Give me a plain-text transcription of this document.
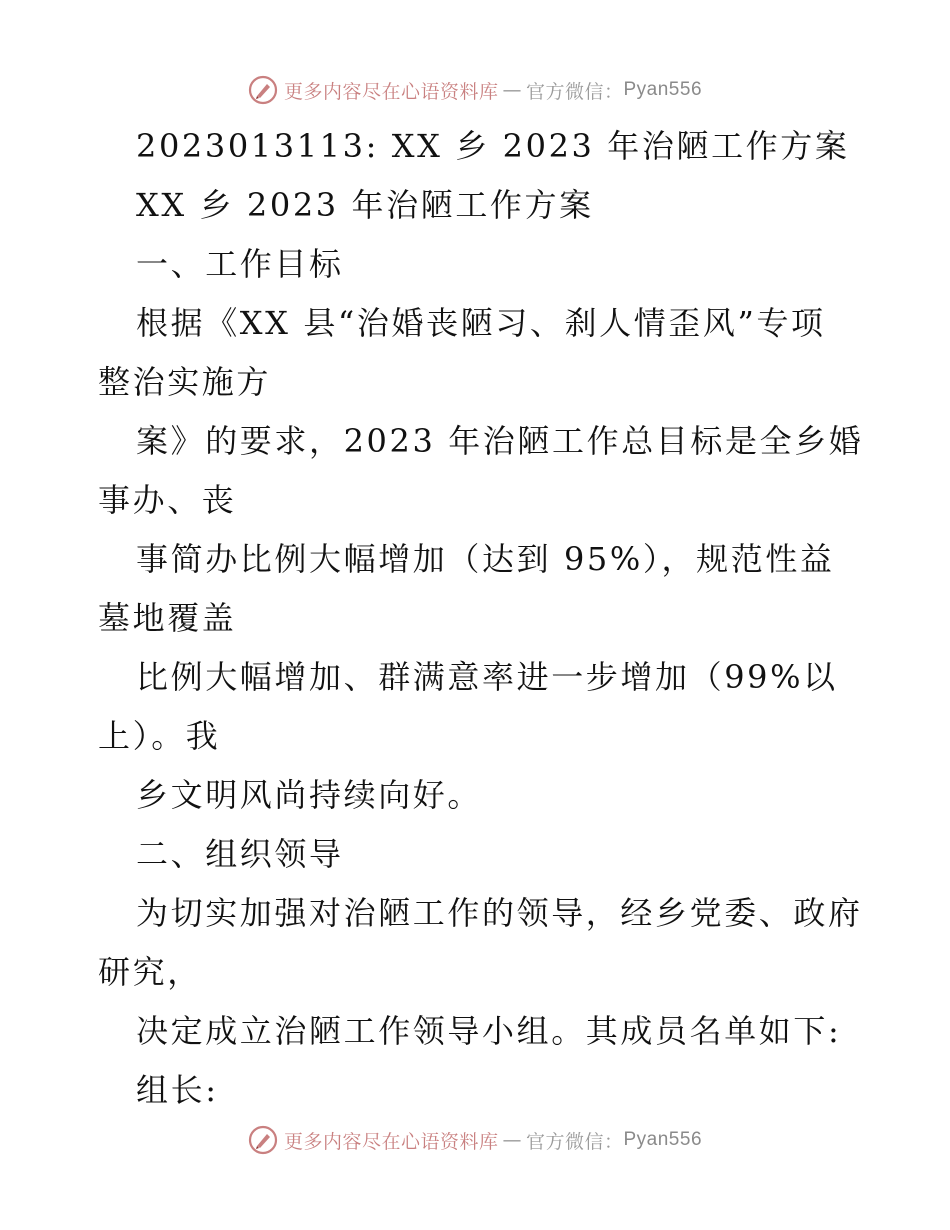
更多内容尽在心语资料库 — 官方微信： Pyan556
2023013113: XX 乡 2023 年治陋工作方案
XX 乡 2023 年治陋工作方案
一、工作目标
根据《XX 县“治婚丧陋习、刹人情歪风”专项
整治实施方
案》的要求，2023 年治陋工作总目标是全乡婚
事办、丧
事简办比例大幅增加（达到 95%），规范性益
墓地覆盖
比例大幅增加、群满意率进一步增加（99%以
上）。我
乡文明风尚持续向好。
二、组织领导
为切实加强对治陋工作的领导，经乡党委、政府
研究，
决定成立治陋工作领导小组。其成员名单如下:
组长:
更多内容尽在心语资料库 — 官方微信： Pyan556
